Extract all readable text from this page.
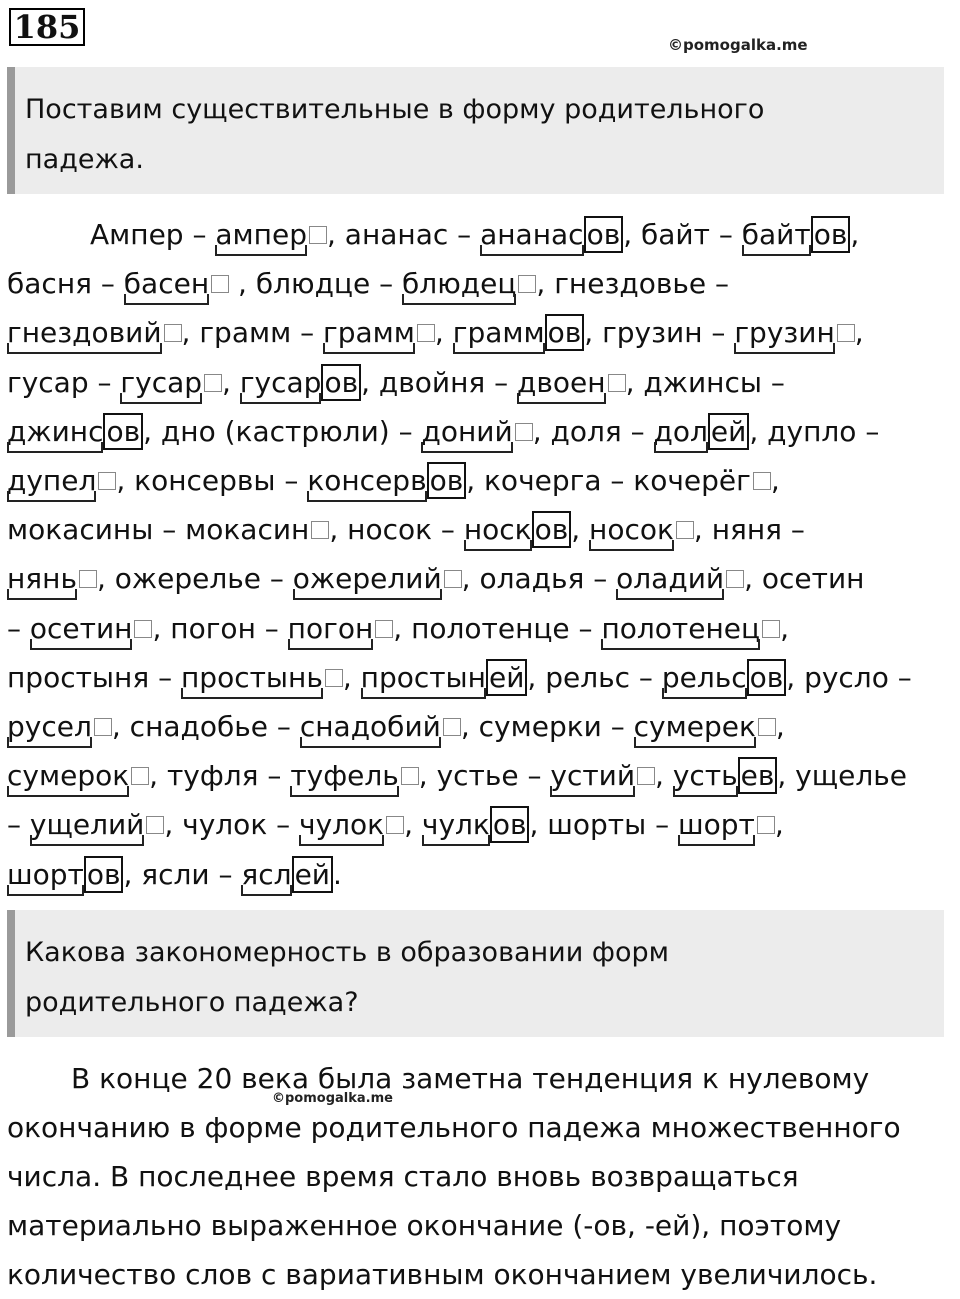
185	©pomogalka.me
Поставим существительные в форму родительного
падежа.
Ампер – ампер , ананас – ананас ов , байт – байт ов ,
басня – басен , блюдце – блюдец , гнездовье –
гнездовий , грамм – грамм , грамм ов , грузин – грузин ,
гусар – гусар , гусар ов , двойня – двоен , джинсы –
джинс ов , дно (кастрюли) – доний , доля – дол ей , дупло –
дупел , консервы – консерв ов , кочерга – кочерёг ,
мокасины – мокасин , носок – носк ов , носок , няня –
нянь , ожерелье – ожерелий , оладья – оладий , осетин
– осетин , погон – погон , полотенце – полотенец ,
простыня – простынь , простын ей , рельс – рельс ов , русло –
русел , снадобье – снадобий , сумерки – сумерек ,
сумерок , туфля – туфель , устье – устий , усть ев , ущелье
– ущелий , чулок – чулок , чулк ов , шорты – шорт ,
шорт ов , ясли – ясл ей .
Какова закономерность в образовании форм
родительного падежа?
В конце 20 века была заметна тенденция к нулевому
окончанию в форме родительного падежа множественного
числа. В последнее время стало вновь возвращаться
материально выраженное окончание (-ов, -ей), поэтому
количество слов с вариативным окончанием увеличилось.
©pomogalka.me
